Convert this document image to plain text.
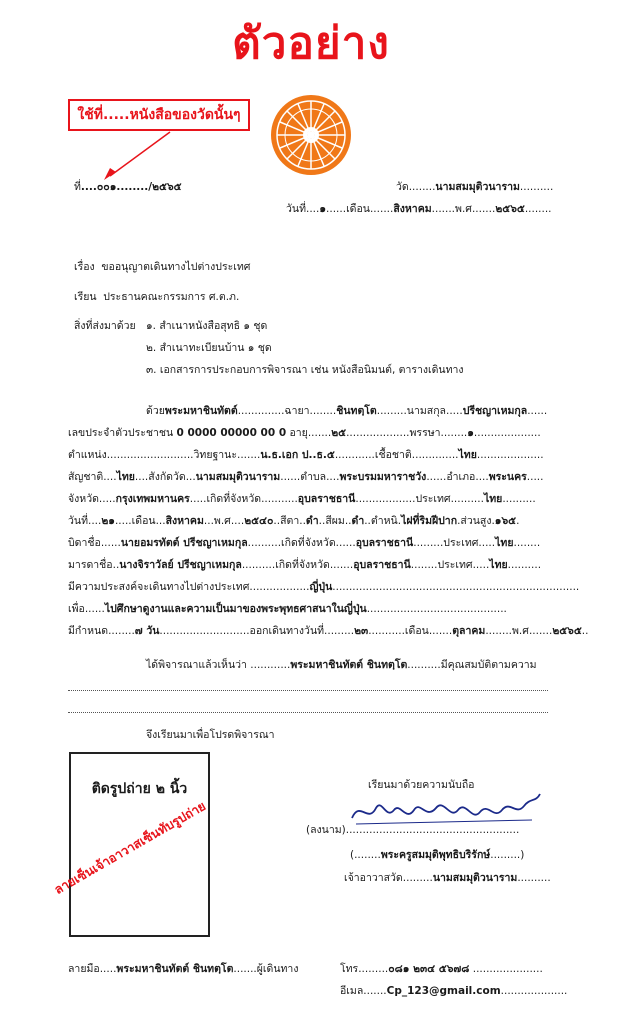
ตัวอย่าง
ใช้ที่.....หนังสือของวัดนั้นๆ
ที่....๐๐๑......../๒๕๖๕	วัด........นามสมมุติวนาราม..........
วันที่....๑......เดือน.......สิงหาคม.......พ.ศ.......๒๕๖๕........
เรื่อง ขออนุญาตเดินทางไปต่างประเทศ
เรียน ประธานคณะกรรมการ ศ.ต.ภ.
สิ่งที่ส่งมาด้วย ๑. สำเนาหนังสือสุทธิ ๑ ชุด
๒. สำเนาทะเบียนบ้าน ๑ ชุด
๓. เอกสารการประกอบการพิจารณา เช่น หนังสือนิมนต์, ตารางเดินทาง
ด้วยพระมหาชินทัตต์..............ฉายา........ชินทตฺโต.........นามสกุล.....ปรีชญาเหมกุล......
เลขประจำตัวประชาชน 0 0000 00000 00 0 อายุ.......๒๕...................พรรษา........๑....................
ตำแหน่ง..........................วิทยฐานะ.......น.ธ.เอก ป..ธ.๕............เชื้อชาติ..............ไทย....................
สัญชาติ....ไทย....สังกัดวัด...นามสมมุติวนาราม......ตำบล....พระบรมมหาราชวัง......อำเภอ....พระนคร.....
จังหวัด.....กรุงเทพมหานคร.....เกิดที่จังหวัด...........อุบลราชธานี..................ประเทศ..........ไทย..........
วันที่....๒๑.....เดือน...สิงหาคม...พ.ศ....๒๕๔๐..สีตา..ดำ..สีผม..ดำ..ตำหนิ.ไฝที่ริมฝีปาก.ส่วนสูง.๑๖๕.
บิดาชื่อ......นายอมรทัตต์ ปรีชญาเหมกุล..........เกิดที่จังหวัด......อุบลราชธานี.........ประเทศ.....ไทย........
มารดาชื่อ..นางจิราวัลย์ ปรีชญาเหมกุล..........เกิดที่จังหวัด.......อุบลราชธานี........ประเทศ.....ไทย..........
มีความประสงค์จะเดินทางไปต่างประเทศ..................ญี่ปุ่น..........................................................................
เพื่อ......ไปศึกษาดูงานและความเป็นมาของพระพุทธศาสนาในญี่ปุ่น..........................................
มีกำหนด........๗ วัน...........................ออกเดินทางวันที่.........๒๓...........เดือน.......ตุลาคม........พ.ศ.......๒๕๖๕..
ได้พิจารณาแล้วเห็นว่า ............พระมหาชินทัตต์ ชินทตฺโต..........มีคุณสมบัติตามความ
จึงเรียนมาเพื่อโปรดพิจารณา
ติดรูปถ่าย ๒ นิ้ว
ลายเซ็นเจ้าอาวาสเซ็นทับรูปถ่าย
เรียนมาด้วยความนับถือ
(ลงนาม)....................................................
(........พระครูสมมุติพุทธิบริรักษ์.........)
เจ้าอาวาสวัด.........นามสมมุติวนาราม..........
ลายมือ.....พระมหาชินทัตต์ ชินทตฺโต.......ผู้เดินทาง	โทร.........๐๘๑ ๒๓๔ ๕๖๗๘ .....................
อีเมล.......Cp_123@gmail.com....................
